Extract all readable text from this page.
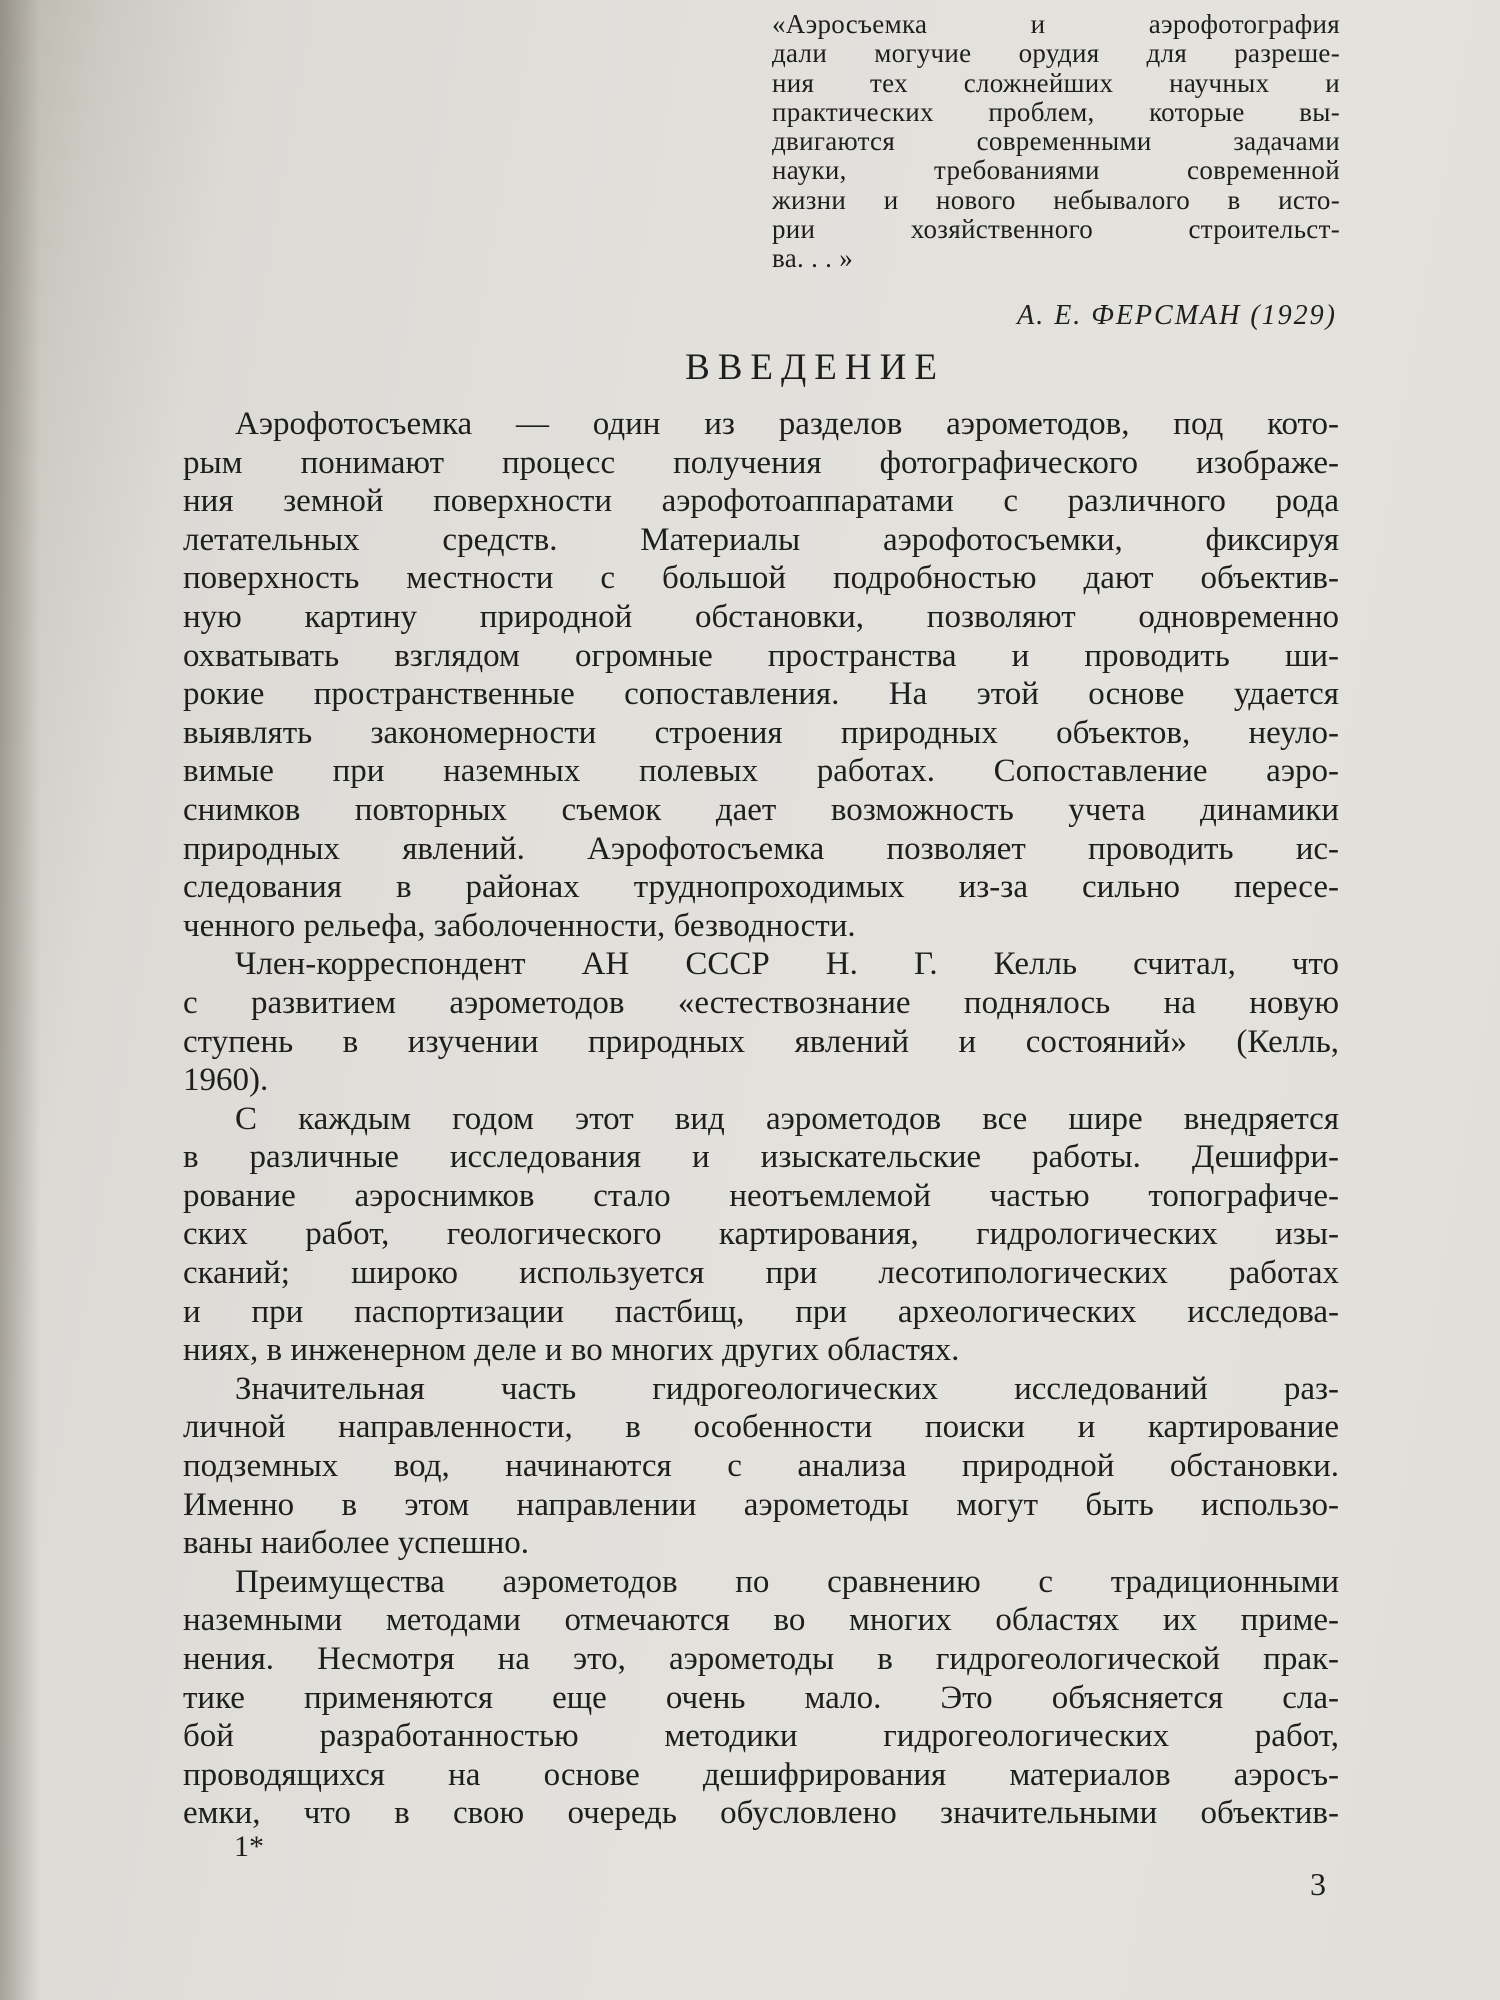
«Аэросъемка и аэрофотография
дали могучие орудия для разреше-
ния тех сложнейших научных и
практических проблем, которые вы-
двигаются современными задачами
науки, требованиями современной
жизни и нового небывалого в исто-
рии хозяйственного строительст-
ва. . . »
А. Е. ФЕРСМАН (1929)
ВВЕДЕНИЕ
Аэрофотосъемка — один из разделов аэрометодов, под кото-
рым понимают процесс получения фотографического изображе-
ния земной поверхности аэрофотоаппаратами с различного рода
летательных средств. Материалы аэрофотосъемки, фиксируя
поверхность местности с большой подробностью дают объектив-
ную картину природной обстановки, позволяют одновременно
охватывать взглядом огромные пространства и проводить ши-
рокие пространственные сопоставления. На этой основе удается
выявлять закономерности строения природных объектов, неуло-
вимые при наземных полевых работах. Сопоставление аэро-
снимков повторных съемок дает возможность учета динамики
природных явлений. Аэрофотосъемка позволяет проводить ис-
следования в районах труднопроходимых из-за сильно пересе-
ченного рельефа, заболоченности, безводности.
Член-корреспондент АН СССР Н. Г. Келль считал, что
с развитием аэрометодов «естествознание поднялось на новую
ступень в изучении природных явлений и состояний» (Келль,
1960).
С каждым годом этот вид аэрометодов все шире внедряется
в различные исследования и изыскательские работы. Дешифри-
рование аэроснимков стало неотъемлемой частью топографиче-
ских работ, геологического картирования, гидрологических изы-
сканий; широко используется при лесотипологических работах
и при паспортизации пастбищ, при археологических исследова-
ниях, в инженерном деле и во многих других областях.
Значительная часть гидрогеологических исследований раз-
личной направленности, в особенности поиски и картирование
подземных вод, начинаются с анализа природной обстановки.
Именно в этом направлении аэрометоды могут быть использо-
ваны наиболее успешно.
Преимущества аэрометодов по сравнению с традиционными
наземными методами отмечаются во многих областях их приме-
нения. Несмотря на это, аэрометоды в гидрогеологической прак-
тике применяются еще очень мало. Это объясняется сла-
бой разработанностью методики гидрогеологических работ,
проводящихся на основе дешифрирования материалов аэросъ-
емки, что в свою очередь обусловлено значительными объектив-
1*
3
